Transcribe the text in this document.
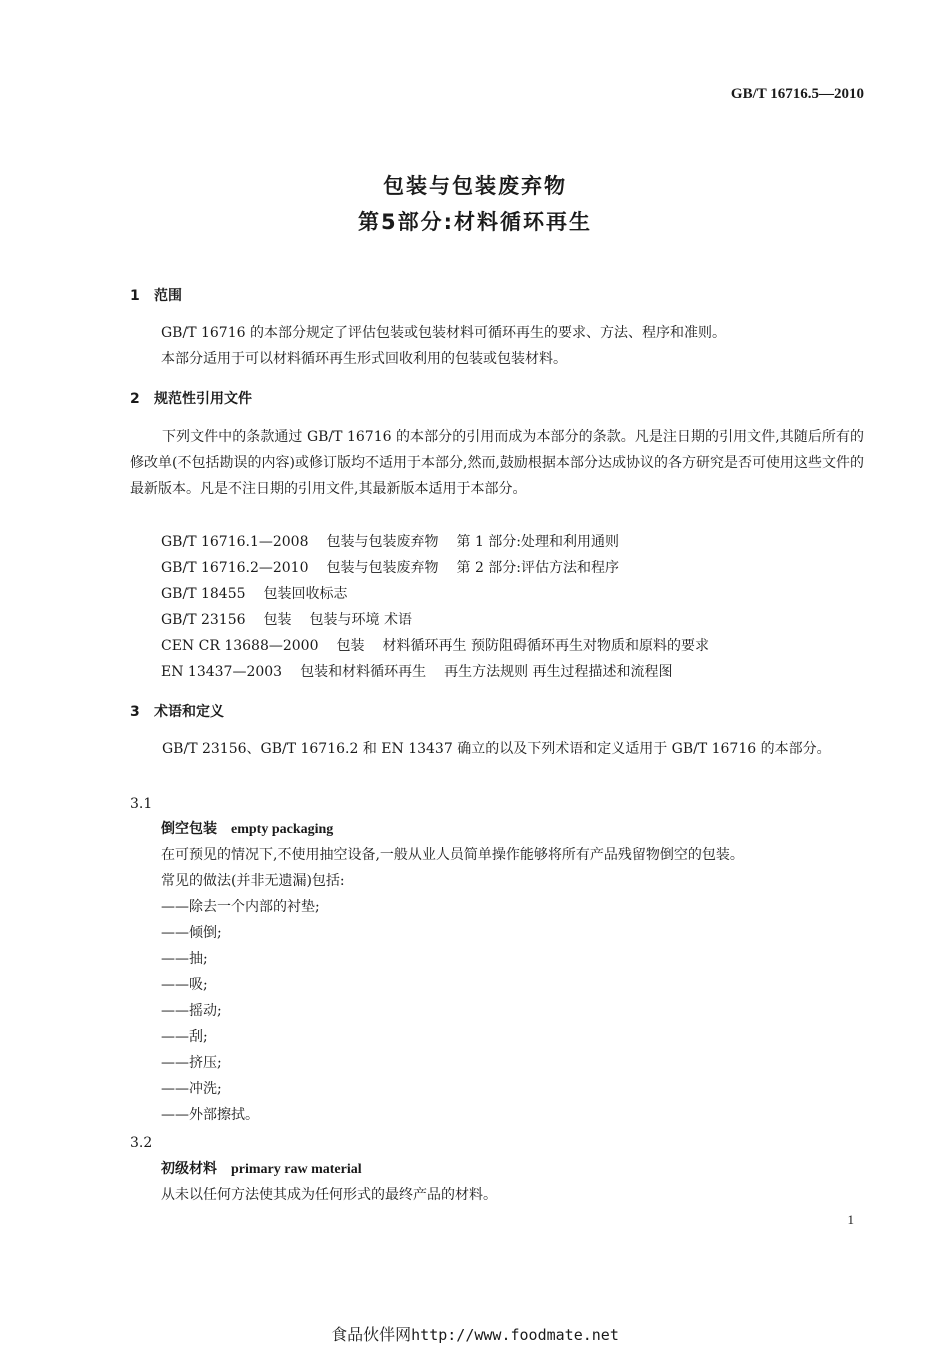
GB/T 16716.5—2010
包装与包装废弃物
第5部分:材料循环再生
1 范围
GB/T 16716 的本部分规定了评估包装或包装材料可循环再生的要求、方法、程序和准则。
本部分适用于可以材料循环再生形式回收利用的包装或包装材料。
2 规范性引用文件
下列文件中的条款通过 GB/T 16716 的本部分的引用而成为本部分的条款。凡是注日期的引用文件,其随后所有的修改单(不包括勘误的内容)或修订版均不适用于本部分,然而,鼓励根据本部分达成协议的各方研究是否可使用这些文件的最新版本。凡是不注日期的引用文件,其最新版本适用于本部分。
GB/T 16716.1—2008 包装与包装废弃物 第 1 部分:处理和利用通则
GB/T 16716.2—2010 包装与包装废弃物 第 2 部分:评估方法和程序
GB/T 18455 包装回收标志
GB/T 23156 包装 包装与环境 术语
CEN CR 13688—2000 包装 材料循环再生 预防阻碍循环再生对物质和原料的要求
EN 13437—2003 包装和材料循环再生 再生方法规则 再生过程描述和流程图
3 术语和定义
GB/T 23156、GB/T 16716.2 和 EN 13437 确立的以及下列术语和定义适用于 GB/T 16716 的本部分。
3.1
倒空包装 empty packaging
在可预见的情况下,不使用抽空设备,一般从业人员简单操作能够将所有产品残留物倒空的包装。
常见的做法(并非无遗漏)包括:
——除去一个内部的衬垫;
——倾倒;
——抽;
——吸;
——摇动;
——刮;
——挤压;
——冲洗;
——外部擦拭。
3.2
初级材料 primary raw material
从未以任何方法使其成为任何形式的最终产品的材料。
1
食品伙伴网http://www.foodmate.net
